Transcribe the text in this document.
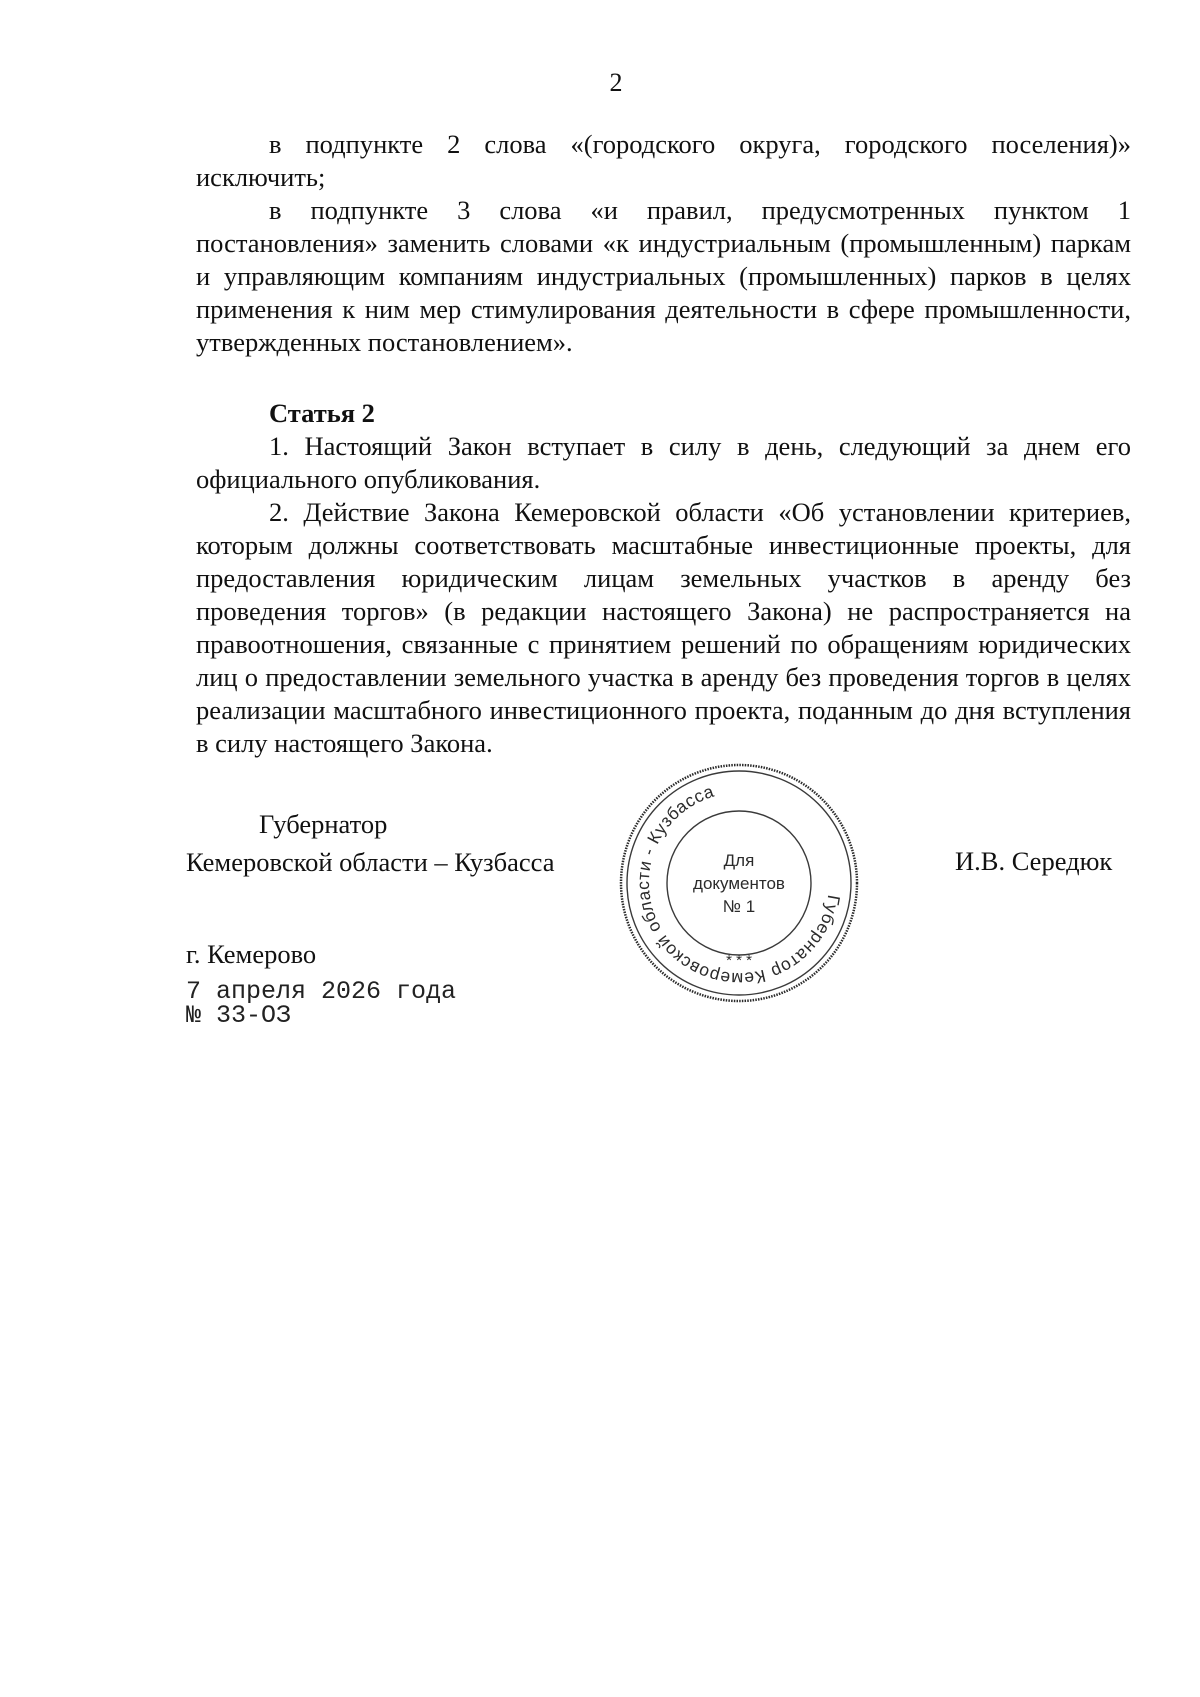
2

в подпункте 2 слова «(городского округа, городского поселения)» исключить;

в подпункте 3 слова «и правил, предусмотренных пунктом 1 постановления» заменить словами «к индустриальным (промышленным) паркам и управляющим компаниям индустриальных (промышленных) парков в целях применения к ним мер стимулирования деятельности в сфере промышленности, утвержденных постановлением».

Статья 2

1. Настоящий Закон вступает в силу в день, следующий за днем его официального опубликования.

2. Действие Закона Кемеровской области «Об установлении критериев, которым должны соответствовать масштабные инвестиционные проекты, для предоставления юридическим лицам земельных участков в аренду без проведения торгов» (в редакции настоящего Закона) не распространяется на правоотношения, связанные с принятием решений по обращениям юридических лиц о предоставлении земельного участка в аренду без проведения торгов в целях реализации масштабного инвестиционного проекта, поданным до дня вступления в силу настоящего Закона.

Губернатор
Кемеровской области – Кузбасса	И.В. Середюк
Губернатор Кемеровской области - Кузбасса
* * *
Для
документов
№ 1
г. Кемерово
7 апреля 2026 года
№ 33-ОЗ
